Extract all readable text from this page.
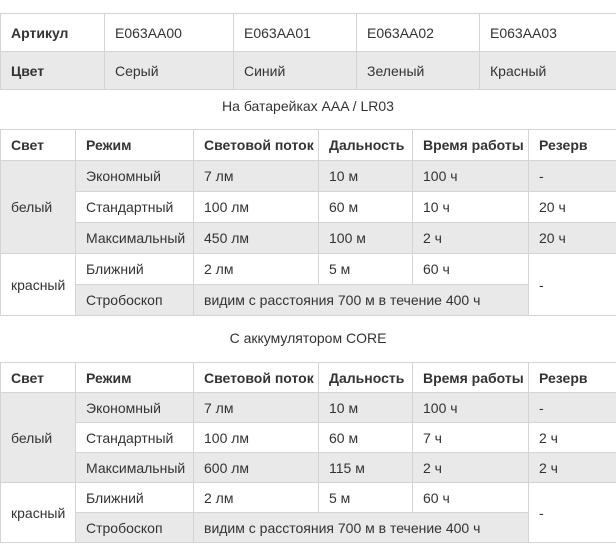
Артикул	E063AA00	E063AA01	E063AA02	E063AA03
Цвет	Серый	Синий	Зеленый	Красный
На батарейках AAA / LR03
Свет	Режим	Световой поток	Дальность	Время работы	Резерв
белый	Экономный	7 лм	10 м	100 ч	-
	Стандартный	100 лм	60 м	10 ч	20 ч
	Максимальный	450 лм	100 м	2 ч	20 ч
красный	Ближний	2 лм	5 м	60 ч	-
	Стробоскоп	видим с расстояния 700 м в течение 400 ч			
С аккумулятором CORE
Свет	Режим	Световой поток	Дальность	Время работы	Резерв
белый	Экономный	7 лм	10 м	100 ч	-
	Стандартный	100 лм	60 м	7 ч	2 ч
	Максимальный	600 лм	115 м	2 ч	2 ч
красный	Ближний	2 лм	5 м	60 ч	-
	Стробоскоп	видим с расстояния 700 м в течение 400 ч			
